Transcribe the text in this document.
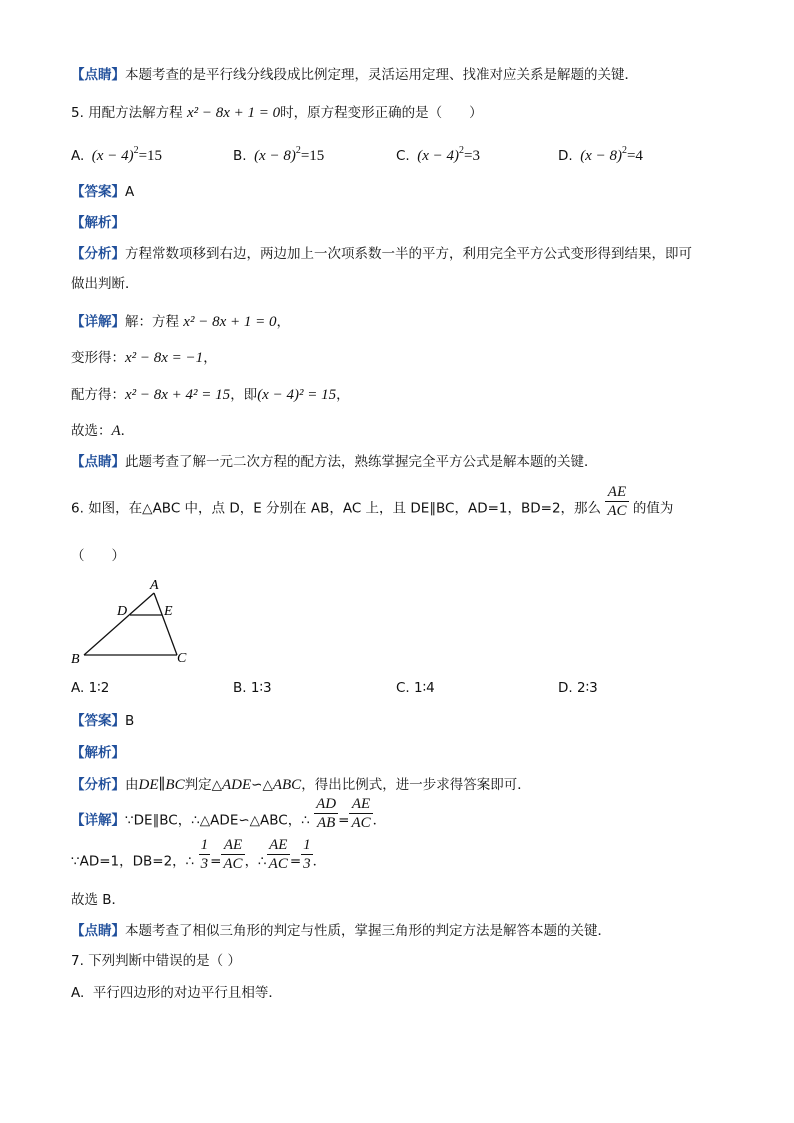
【点睛】本题考查的是平行线分线段成比例定理，灵活运用定理、找准对应关系是解题的关键．
5. 用配方法解方程 x² − 8x + 1 = 0时，原方程变形正确的是（　　）
A. $(x - 4)^2=15$	B. $(x - 8)^2=15$	C. $(x - 4)^2=3$	D. $(x - 8)^2=4$
【答案】A
【解析】
【分析】方程常数项移到右边，两边加上一次项系数一半的平方，利用完全平方公式变形得到结果，即可
做出判断．
【详解】解：方程 x² − 8x + 1 = 0，
变形得：x² − 8x = −1，
配方得：x² − 8x + 4² = 15，即(x − 4)² = 15，
故选：A．
【点睛】此题考查了解一元二次方程的配方法，熟练掌握完全平方公式是解本题的关键．
6. 如图，在△ABC 中，点 D，E 分别在 AB，AC 上，且 DE∥BC，AD=1，BD=2，那么 $\frac{AE}{AC}$ 的值为
（　　）
A
D	E
B	C
A. 1∶2	B. 1∶3	C. 1∶4	D. 2∶3
【答案】B
【解析】
【分析】由DE∥BC判定△ADE∽△ABC，得出比例式，进一步求得答案即可．
【详解】∵DE∥BC，∴△ADE∽△ABC，∴ $\frac{AD}{AB} = \frac{AE}{AC}$ ．
∵AD=1，DB=2，∴ $\frac{1}{3} = \frac{AE}{AC}$ ，∴ $\frac{AE}{AC} = \frac{1}{3}$ ．
故选 B．
【点睛】本题考查了相似三角形的判定与性质，掌握三角形的判定方法是解答本题的关键．
7. 下列判断中错误的是（ ）
A. 平行四边形的对边平行且相等．
